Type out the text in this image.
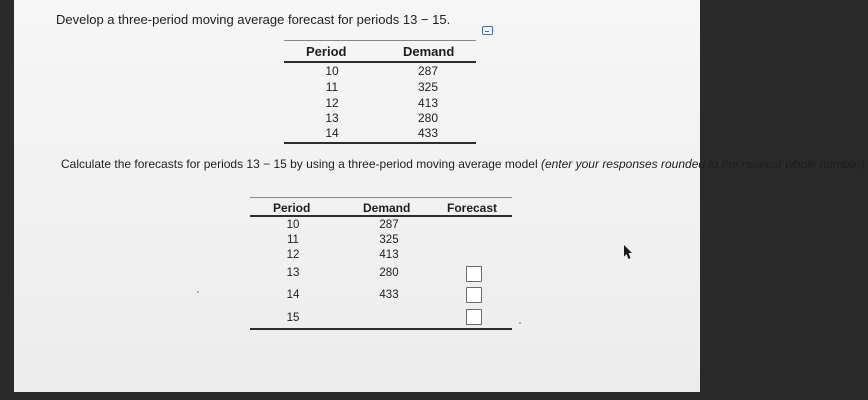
Develop a three-period moving average forecast for periods 13 − 15.
Period	Demand
10	287
11	325
12	413
13	280
14	433
Calculate the forecasts for periods 13 − 15 by using a three-period moving average model (enter your responses rounded to the nearest whole number).
Period	Demand	Forecast
10	287
11	325
12	413
13	280
14	433
15
